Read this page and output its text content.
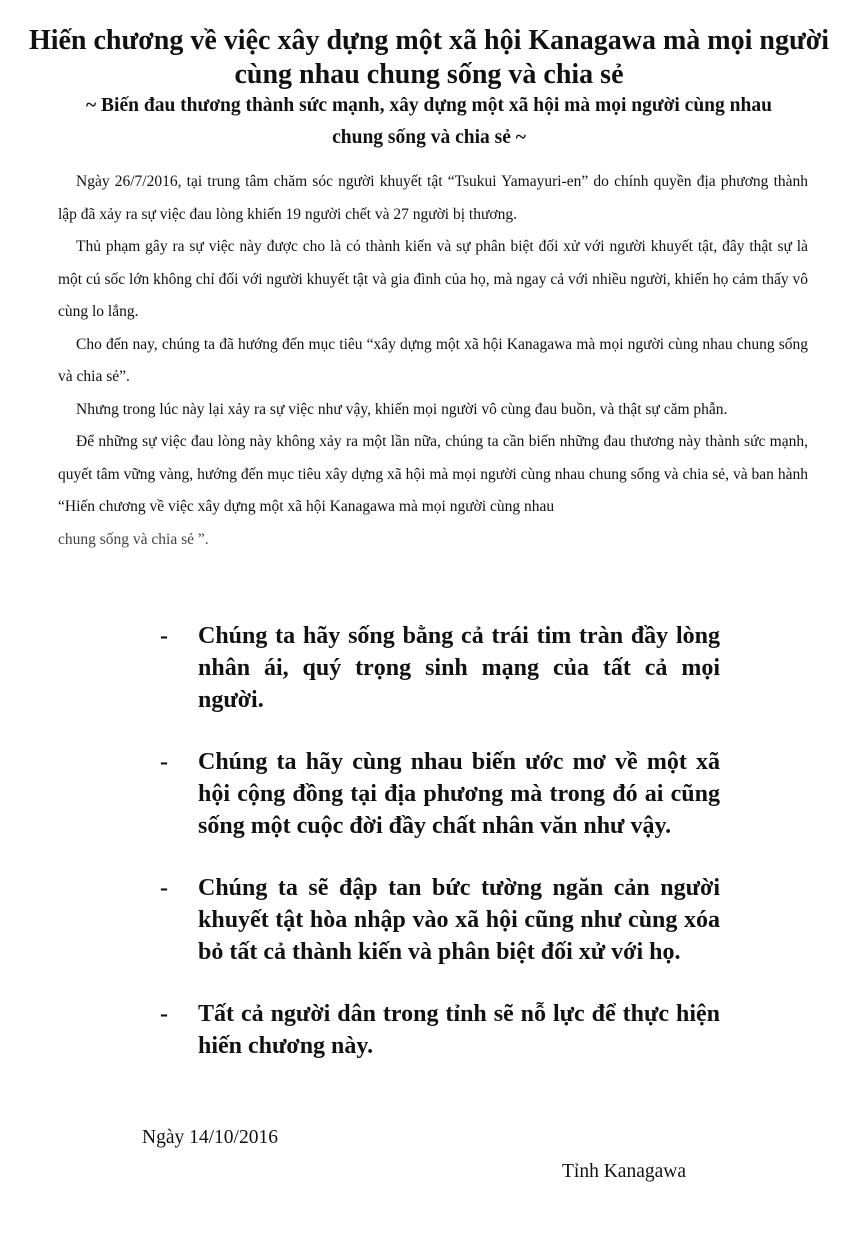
Hiến chương về việc xây dựng một xã hội Kanagawa mà mọi người
cùng nhau chung sống và chia sẻ
~ Biến đau thương thành sức mạnh, xây dựng một xã hội mà mọi người cùng nhau
chung sống và chia sẻ ~

Ngày 26/7/2016, tại trung tâm chăm sóc người khuyết tật “Tsukui Yamayuri-en” do chính quyền địa phương thành lập đã xảy ra sự việc đau lòng khiến 19 người chết và 27 người bị thương.

Thủ phạm gây ra sự việc này được cho là có thành kiến và sự phân biệt đối xử với người khuyết tật, đây thật sự là một cú sốc lớn không chỉ đối với người khuyết tật và gia đình của họ, mà ngay cả với nhiều người, khiến họ cảm thấy vô cùng lo lắng.

Cho đến nay, chúng ta đã hướng đến mục tiêu “xây dựng một xã hội Kanagawa mà mọi người cùng nhau chung sống và chia sẻ”.

Nhưng trong lúc này lại xảy ra sự việc như vậy, khiến mọi người vô cùng đau buồn, và thật sự căm phẫn.

Để những sự việc đau lòng này không xảy ra một lần nữa, chúng ta cần biến những đau thương này thành sức mạnh, quyết tâm vững vàng, hướng đến mục tiêu xây dựng xã hội mà mọi người cùng nhau chung sống và chia sẻ, và ban hành “Hiến chương về việc xây dựng một xã hội Kanagawa mà mọi người cùng nhau

chung sống và chia sẻ ”.

- Chúng ta hãy sống bằng cả trái tim tràn đầy lòng nhân ái, quý trọng sinh mạng của tất cả mọi người.
- Chúng ta hãy cùng nhau biến ước mơ về một xã hội cộng đồng tại địa phương mà trong đó ai cũng sống một cuộc đời đầy chất nhân văn như vậy.
- Chúng ta sẽ đập tan bức tường ngăn cản người khuyết tật hòa nhập vào xã hội cũng như cùng xóa bỏ tất cả thành kiến và phân biệt đối xử với họ.
- Tất cả người dân trong tỉnh sẽ nỗ lực để thực hiện hiến chương này.
Ngày 14/10/2016
Tỉnh Kanagawa
